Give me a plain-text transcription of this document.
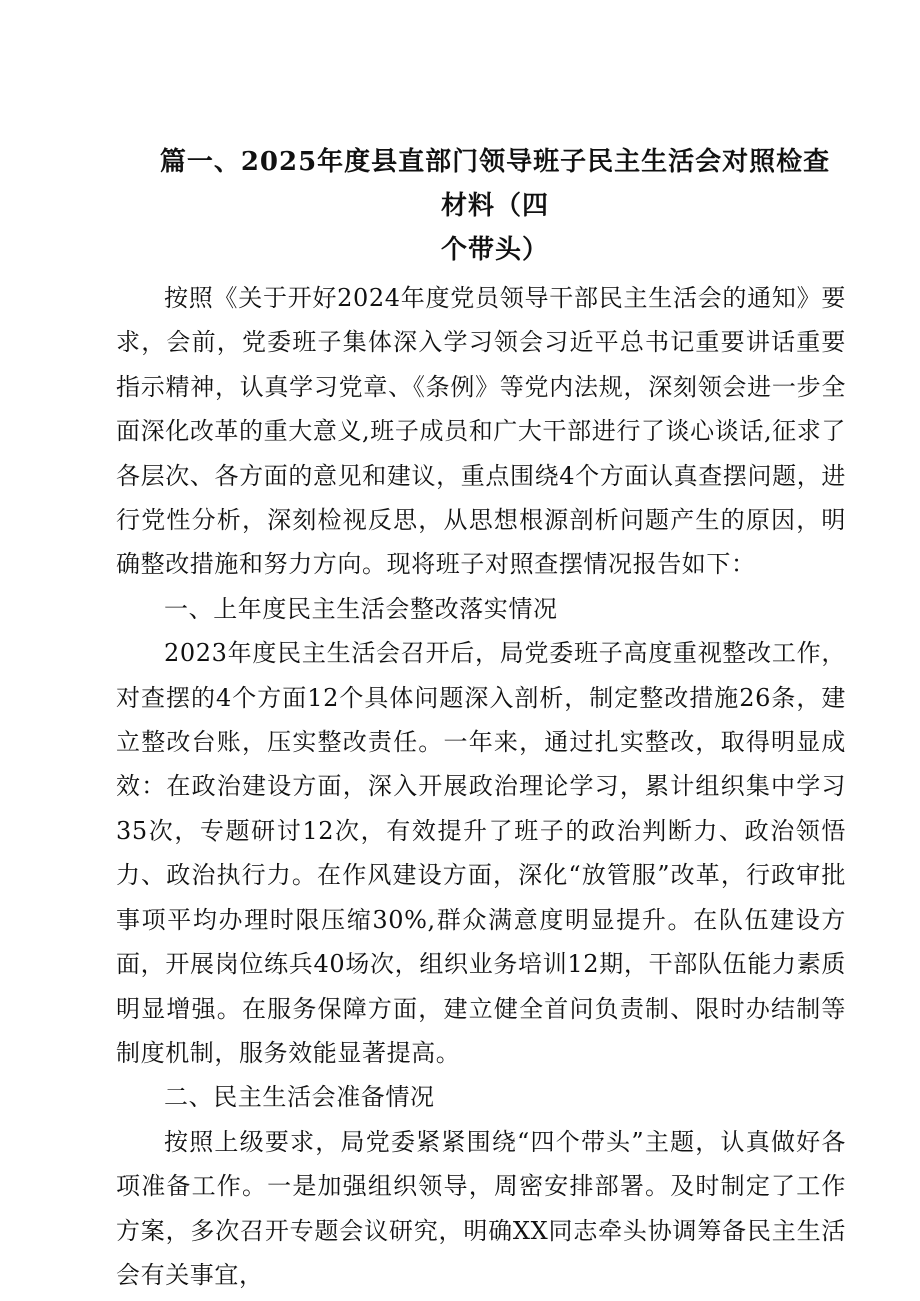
篇一、2025年度县直部门领导班子民主生活会对照检查材料（四
个带头）

按照《关于开好2024年度党员领导干部民主生活会的通知》要求，会前，党委班子集体深入学习领会习近平总书记重要讲话重要指示精神，认真学习党章、《条例》等党内法规，深刻领会进一步全面深化改革的重大意义,班子成员和广大干部进行了谈心谈话,征求了各层次、各方面的意见和建议，重点围绕4个方面认真查摆问题，进行党性分析，深刻检视反思，从思想根源剖析问题产生的原因，明确整改措施和努力方向。现将班子对照查摆情况报告如下：

一、上年度民主生活会整改落实情况

2023年度民主生活会召开后，局党委班子高度重视整改工作，对查摆的4个方面12个具体问题深入剖析，制定整改措施26条，建立整改台账，压实整改责任。一年来，通过扎实整改，取得明显成效：在政治建设方面，深入开展政治理论学习，累计组织集中学习35次，专题研讨12次，有效提升了班子的政治判断力、政治领悟力、政治执行力。在作风建设方面，深化“放管服”改革，行政审批事项平均办理时限压缩30%,群众满意度明显提升。在队伍建设方面，开展岗位练兵40场次，组织业务培训12期，干部队伍能力素质明显增强。在服务保障方面，建立健全首问负责制、限时办结制等制度机制，服务效能显著提高。

二、民主生活会准备情况

按照上级要求，局党委紧紧围绕“四个带头”主题，认真做好各项准备工作。一是加强组织领导，周密安排部署。及时制定了工作方案，多次召开专题会议研究，明确XX同志牵头协调筹备民主生活会有关事宜，
